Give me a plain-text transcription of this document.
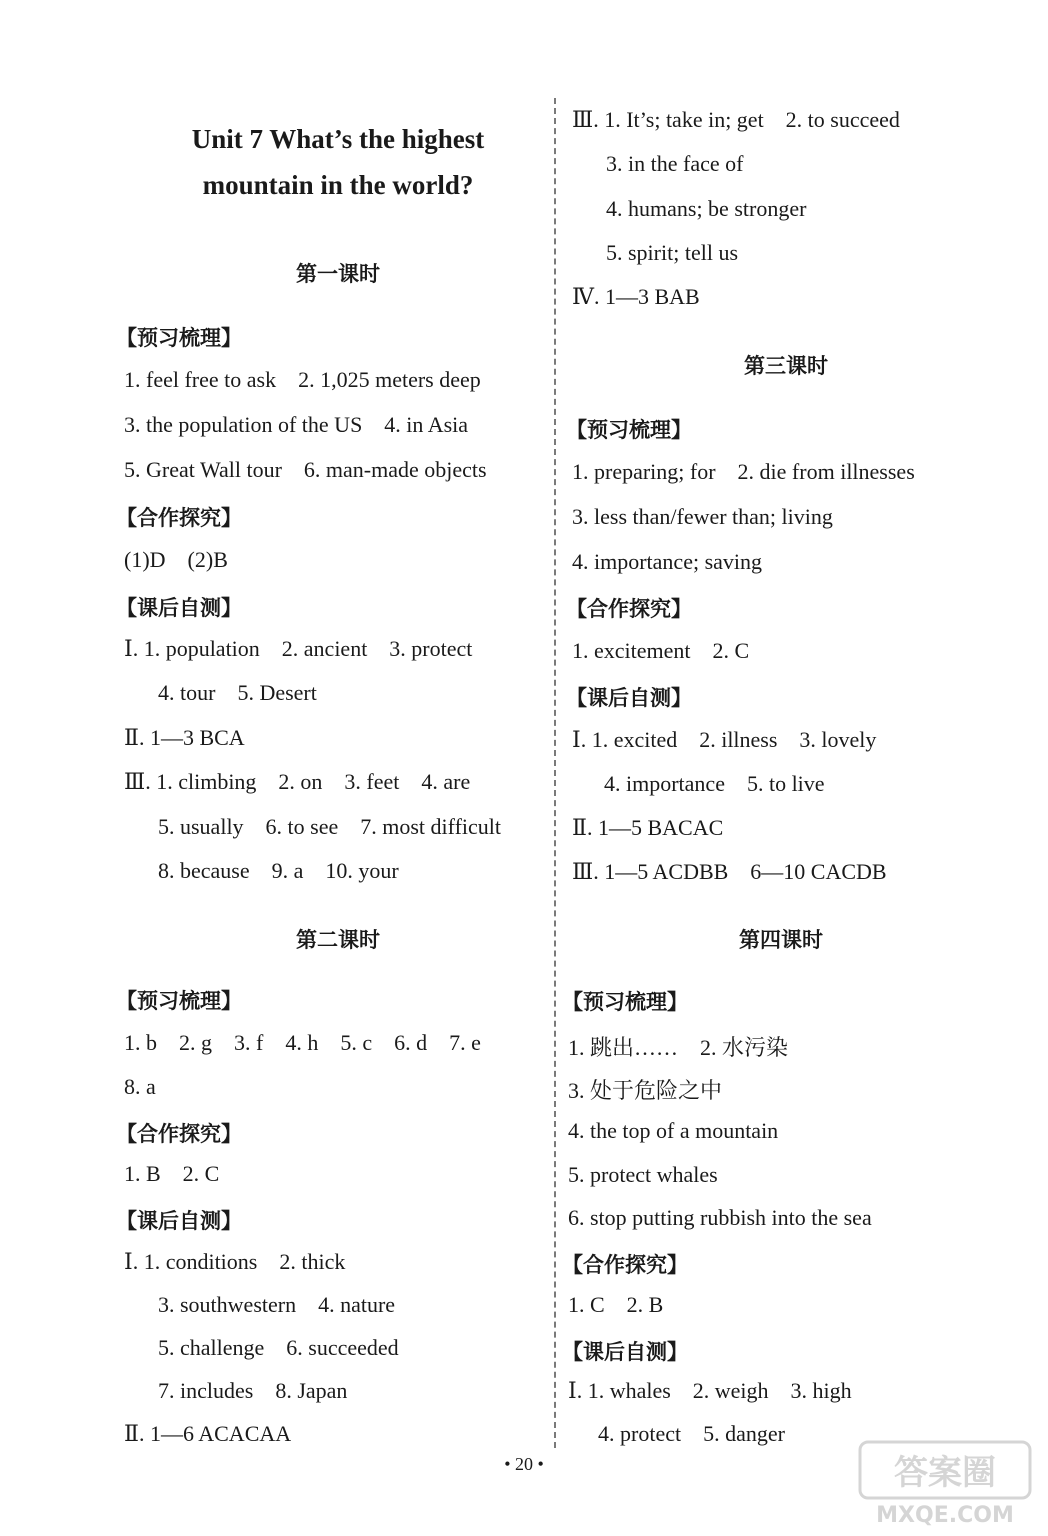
Unit 7 What’s the highest
mountain in the world?
第一课时
【预习梳理】
1. feel free to ask    2. 1,025 meters deep
3. the population of the US    4. in Asia
5. Great Wall tour    6. man-made objects
【合作探究】
(1)D    (2)B
【课后自测】
Ⅰ. 1. population    2. ancient    3. protect
4. tour    5. Desert
Ⅱ. 1—3 BCA
Ⅲ. 1. climbing    2. on    3. feet    4. are
5. usually    6. to see    7. most difficult
8. because    9. a    10. your
第二课时
【预习梳理】
1. b    2. g    3. f    4. h    5. c    6. d    7. e
8. a
【合作探究】
1. B    2. C
【课后自测】
Ⅰ. 1. conditions    2. thick
3. southwestern    4. nature
5. challenge    6. succeeded
7. includes    8. Japan
Ⅱ. 1—6 ACACAA
Ⅲ. 1. It’s; take in; get    2. to succeed
3. in the face of
4. humans; be stronger
5. spirit; tell us
Ⅳ. 1—3 BAB
第三课时
【预习梳理】
1. preparing; for    2. die from illnesses
3. less than/fewer than; living
4. importance; saving
【合作探究】
1. excitement    2. C
【课后自测】
Ⅰ. 1. excited    2. illness    3. lovely
4. importance    5. to live
Ⅱ. 1—5 BACAC
Ⅲ. 1—5 ACDBB    6—10 CACDB
第四课时
【预习梳理】
1. 跳出……    2. 水污染
3. 处于危险之中
4. the top of a mountain
5. protect whales
6. stop putting rubbish into the sea
【合作探究】
1. C    2. B
【课后自测】
Ⅰ. 1. whales    2. weigh    3. high
4. protect    5. danger
• 20 •	答案圈
MXQE.COM
